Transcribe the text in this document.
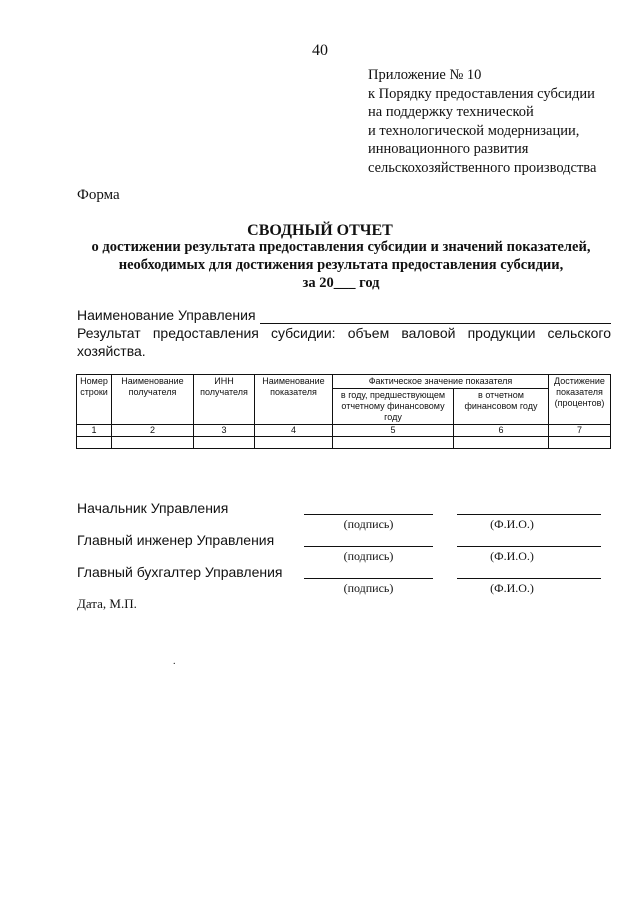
40
Приложение № 10
к Порядку предоставления субсидии
на поддержку технической
и технологической модернизации,
инновационного развития
сельскохозяйственного производства
Форма
СВОДНЫЙ ОТЧЕТ
о достижении результата предоставления субсидии и значений показателей,
необходимых для достижения результата предоставления субсидии,
за 20___ год
Наименование Управления
Результат предоставления субсидии: объем валовой продукции сельского
хозяйства.
Номер строки	Наименование получателя	ИНН получателя	Наименование показателя	Фактическое значение показателя		Достижение показателя (процентов)
				в году, предшествующем отчетному финансовому году	в отчетном финансовом году	
1	2	3	4	5	6	7

Начальник Управления
(подпись)	(Ф.И.О.)
Главный инженер Управления
(подпись)	(Ф.И.О.)
Главный бухгалтер Управления
(подпись)	(Ф.И.О.)
Дата, М.П.
.
